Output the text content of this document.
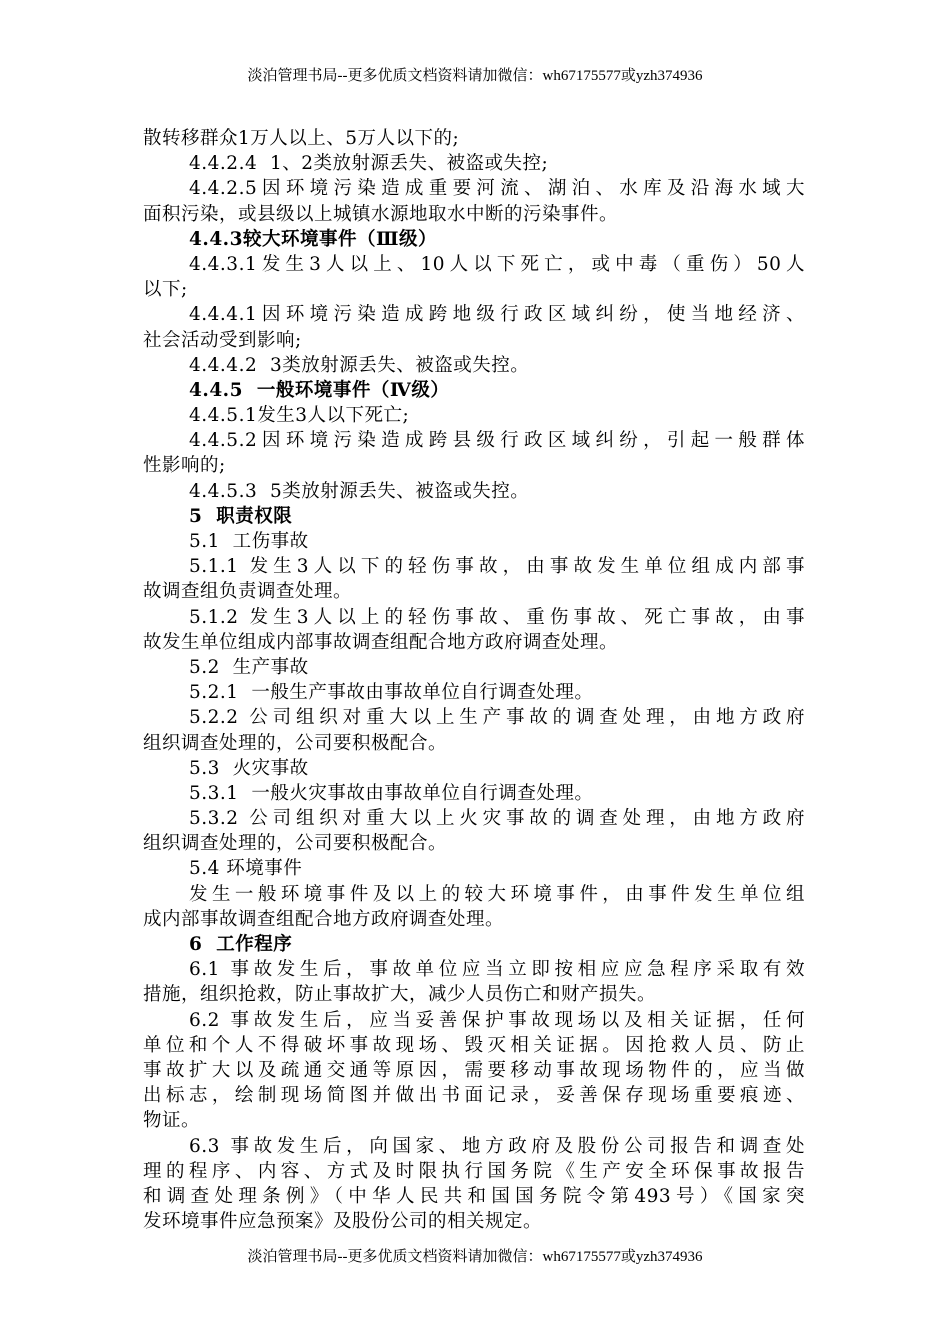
淡泊管理书局--更多优质文档资料请加微信：wh67175577或yzh374936
散转移群众1万人以上、5万人以下的;
4.4.2.4  1、2类放射源丢失、被盗或失控;
4.4.2.5因环境污染造成重要河流、湖泊、水库及沿海水域大
面积污染，或县级以上城镇水源地取水中断的污染事件。
4.4.3较大环境事件（Ⅲ级）
4.4.3.1发生3人以上、10人以下死亡，或中毒（重伤）50人
以下;
4.4.4.1因环境污染造成跨地级行政区域纠纷，使当地经济、
社会活动受到影响;
4.4.4.2  3类放射源丢失、被盗或失控。
4.4.5  一般环境事件（Ⅳ级）
4.4.5.1发生3人以下死亡;
4.4.5.2因环境污染造成跨县级行政区域纠纷，引起一般群体
性影响的;
4.4.5.3  5类放射源丢失、被盗或失控。
5  职责权限
5.1  工伤事故
5.1.1 发生3人以下的轻伤事故，由事故发生单位组成内部事
故调查组负责调查处理。
5.1.2 发生3人以上的轻伤事故、重伤事故、死亡事故，由事
故发生单位组成内部事故调查组配合地方政府调查处理。
5.2  生产事故
5.2.1  一般生产事故由事故单位自行调查处理。
5.2.2 公司组织对重大以上生产事故的调查处理，由地方政府
组织调查处理的，公司要积极配合。
5.3  火灾事故
5.3.1  一般火灾事故由事故单位自行调查处理。
5.3.2 公司组织对重大以上火灾事故的调查处理，由地方政府
组织调查处理的，公司要积极配合。
5.4 环境事件
发生一般环境事件及以上的较大环境事件，由事件发生单位组
成内部事故调查组配合地方政府调查处理。
6  工作程序
6.1 事故发生后，事故单位应当立即按相应应急程序采取有效
措施，组织抢救，防止事故扩大，减少人员伤亡和财产损失。
6.2 事故发生后，应当妥善保护事故现场以及相关证据，任何
单位和个人不得破坏事故现场、毁灭相关证据。因抢救人员、防止
事故扩大以及疏通交通等原因，需要移动事故现场物件的，应当做
出标志，绘制现场简图并做出书面记录，妥善保存现场重要痕迹、
物证。
6.3 事故发生后，向国家、地方政府及股份公司报告和调查处
理的程序、内容、方式及时限执行国务院《生产安全环保事故报告
和调查处理条例》（中华人民共和国国务院令第493号）《国家突
发环境事件应急预案》及股份公司的相关规定。
淡泊管理书局--更多优质文档资料请加微信：wh67175577或yzh374936
